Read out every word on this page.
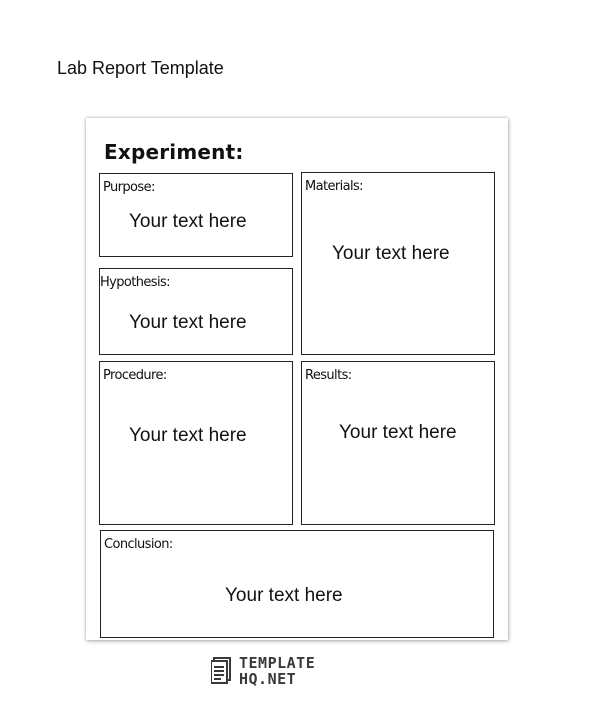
Lab Report Template
Experiment:
Purpose:
Your text here
Materials:
Your text here
Hypothesis:
Your text here
Procedure:
Your text here
Results:
Your text here
Conclusion:
Your text here
TEMPLATE
HQ.NET
